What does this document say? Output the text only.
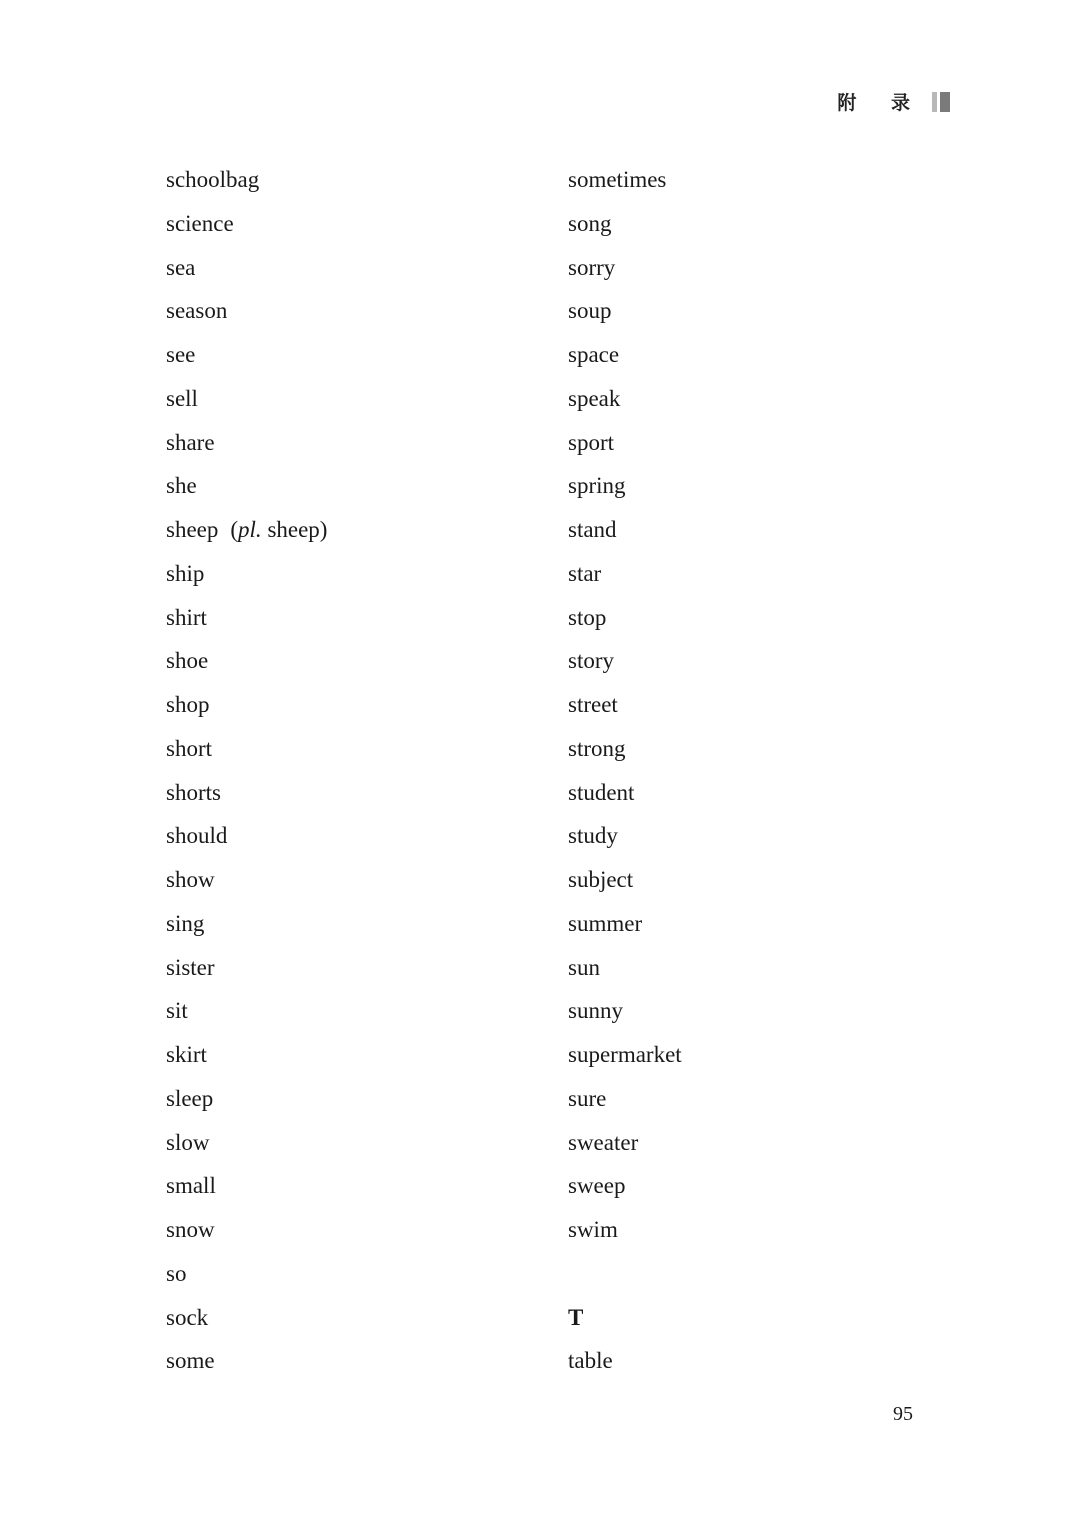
附 录
schoolbag
science
sea
season
see
sell
share
she
sheep (pl. sheep)
ship
shirt
shoe
shop
short
shorts
should
show
sing
sister
sit
skirt
sleep
slow
small
snow
so
sock
some
sometimes
song
sorry
soup
space
speak
sport
spring
stand
star
stop
story
street
strong
student
study
subject
summer
sun
sunny
supermarket
sure
sweater
sweep
swim
T
table
95
